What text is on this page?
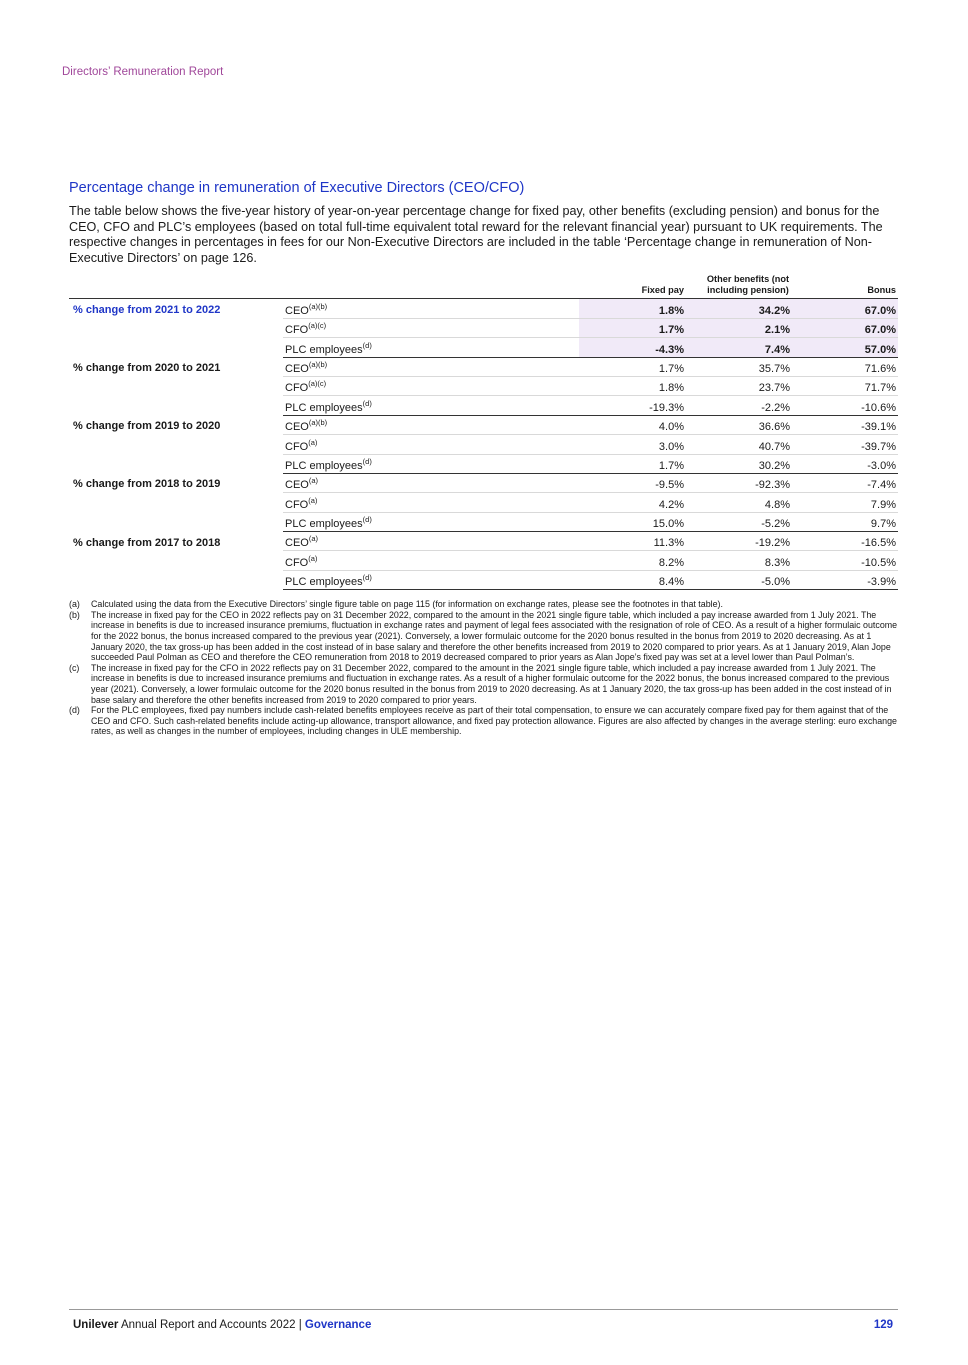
Directors’ Remuneration Report
Percentage change in remuneration of Executive Directors (CEO/CFO)

The table below shows the five-year history of year-on-year percentage change for fixed pay, other benefits (excluding pension) and bonus for the CEO, CFO and PLC’s employees (based on total full-time equivalent total reward for the relevant financial year) pursuant to UK requirements. The respective changes in percentages in fees for our Non-Executive Directors are included in the table ‘Percentage change in remuneration of Non-Executive Directors’ on page 126.

		Fixed pay	Other benefits (not including pension)	Bonus
% change from 2021 to 2022	$CEO^{(a)(b)}$	1.8%	34.2%	67.0%
	$CFO^{(a)(c)}$	1.7%	2.1%	67.0%
	PLC employees$^{(d)}$	-4.3%	7.4%	57.0%
% change from 2020 to 2021	$CEO^{(a)(b)}$	1.7%	35.7%	71.6%
	$CFO^{(a)(c)}$	1.8%	23.7%	71.7%
	PLC employees$^{(d)}$	-19.3%	-2.2%	-10.6%
% change from 2019 to 2020	$CEO^{(a)(b)}$	4.0%	36.6%	-39.1%
	CFO$^{(a)}$	3.0%	40.7%	-39.7%
	PLC employees$^{(d)}$	1.7%	30.2%	-3.0%
% change from 2018 to 2019	CEO$^{(a)}$	-9.5%	-92.3%	-7.4%
	CFO$^{(a)}$	4.2%	4.8%	7.9%
	PLC employees$^{(d)}$	15.0%	-5.2%	9.7%
% change from 2017 to 2018	CEO$^{(a)}$	11.3%	-19.2%	-16.5%
	CFO$^{(a)}$	8.2%	8.3%	-10.5%
	PLC employees$^{(d)}$	8.4%	-5.0%	-3.9%
(a)	Calculated using the data from the Executive Directors’ single figure table on page 115 (for information on exchange rates, please see the footnotes in that table).
(b)	The increase in fixed pay for the CEO in 2022 reflects pay on 31 December 2022, compared to the amount in the 2021 single figure table, which included a pay increase awarded from 1 July 2021. The increase in benefits is due to increased insurance premiums, fluctuation in exchange rates and payment of legal fees associated with the resignation of role of CEO. As a result of a higher formulaic outcome for the 2022 bonus, the bonus increased compared to the previous year (2021). Conversely, a lower formulaic outcome for the 2020 bonus resulted in the bonus from 2019 to 2020 decreasing. As at 1 January 2020, the tax gross-up has been added in the cost instead of in base salary and therefore the other benefits increased from 2019 to 2020 compared to prior years. As at 1 January 2019, Alan Jope succeeded Paul Polman as CEO and therefore the CEO remuneration from 2018 to 2019 decreased compared to prior years as Alan Jope’s fixed pay was set at a level lower than Paul Polman’s.
(c)	The increase in fixed pay for the CFO in 2022 reflects pay on 31 December 2022, compared to the amount in the 2021 single figure table, which included a pay increase awarded from 1 July 2021. The increase in benefits is due to increased insurance premiums and fluctuation in exchange rates. As a result of a higher formulaic outcome for the 2022 bonus, the bonus increased compared to the previous year (2021). Conversely, a lower formulaic outcome for the 2020 bonus resulted in the bonus from 2019 to 2020 decreasing. As at 1 January 2020, the tax gross-up has been added in the cost instead of in base salary and therefore the other benefits increased from 2019 to 2020 compared to prior years.
(d)	For the PLC employees, fixed pay numbers include cash-related benefits employees receive as part of their total compensation, to ensure we can accurately compare fixed pay for them against that of the CEO and CFO. Such cash-related benefits include acting-up allowance, transport allowance, and fixed pay protection allowance. Figures are also affected by changes in the average sterling: euro exchange rates, as well as changes in the number of employees, including changes in ULE membership.
Unilever Annual Report and Accounts 2022 | Governance	129
